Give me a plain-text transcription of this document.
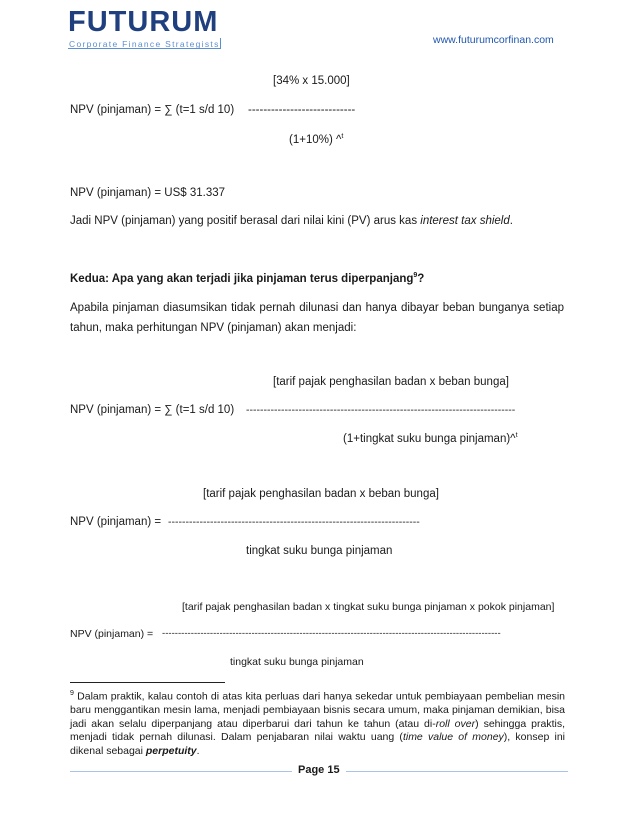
FUTURUM
Corporate Finance Strategists	www.futurumcorfinan.com
[34% x 15.000]
NPV (pinjaman) = ∑ (t=1 s/d 10) ----------------------------
(1+10%) ^$^t$
NPV (pinjaman) = US$ 31.337
Jadi NPV (pinjaman) yang positif berasal dari nilai kini (PV) arus kas interest tax shield.
Kedua: Apa yang akan terjadi jika pinjaman terus diperpanjang$^9$?
Apabila pinjaman diasumsikan tidak pernah dilunasi dan hanya dibayar beban bunganya setiap tahun, maka perhitungan NPV (pinjaman) akan menjadi:
[tarif pajak penghasilan badan x beban bunga]
NPV (pinjaman) = ∑ (t=1 s/d 10) -----------------------------------------------------------------------------
(1+tingkat suku bunga pinjaman)^$^t$
[tarif pajak penghasilan badan x beban bunga]
NPV (pinjaman) = ------------------------------------------------------------------------
tingkat suku bunga pinjaman
[tarif pajak penghasilan badan x tingkat suku bunga pinjaman x pokok pinjaman]
NPV (pinjaman) = ----------------------------------------------------------------------------------------------------------
tingkat suku bunga pinjaman
$^9$ Dalam praktik, kalau contoh di atas kita perluas dari hanya sekedar untuk pembiayaan pembelian mesin baru menggantikan mesin lama, menjadi pembiayaan bisnis secara umum, maka pinjaman demikian, bisa jadi akan selalu diperpanjang atau diperbarui dari tahun ke tahun (atau di-roll over) sehingga praktis, menjadi tidak pernah dilunasi. Dalam penjabaran nilai waktu uang (time value of money), konsep ini dikenal sebagai perpetuity.
Page 15
